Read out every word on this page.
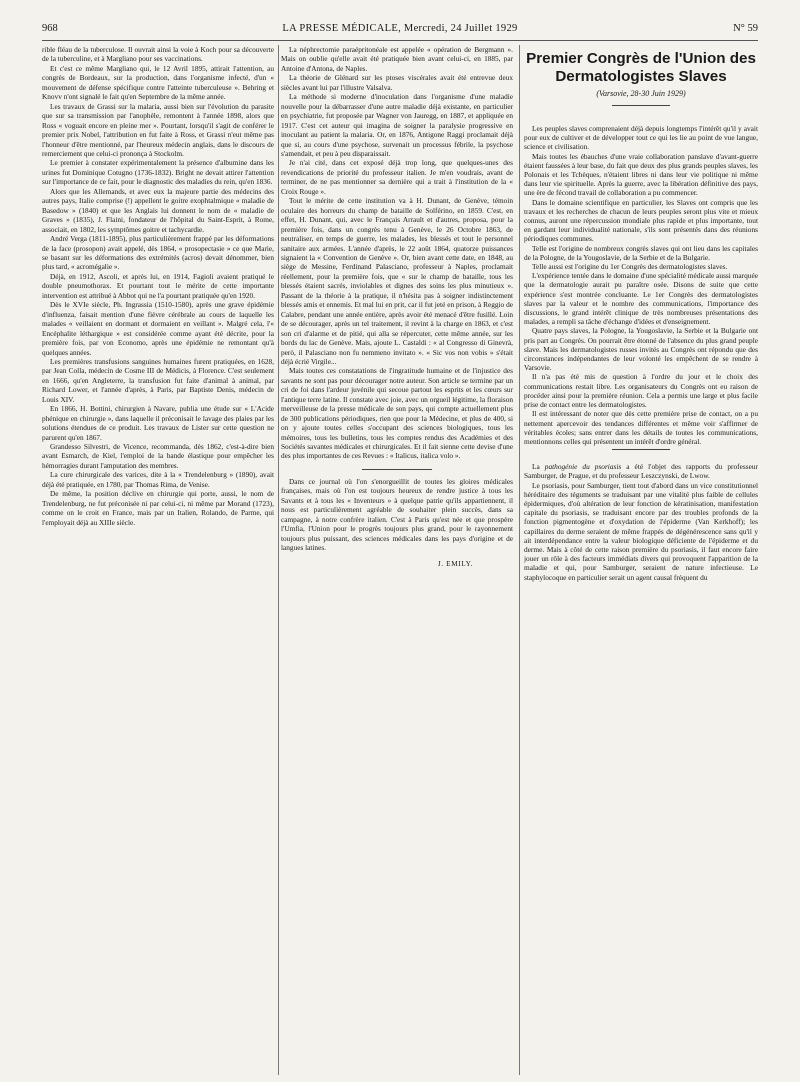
968	LA PRESSE MÉDICALE, Mercredi, 24 Juillet 1929	N° 59

rible fléau de la tuberculose. Il ouvrait ainsi la voie à Koch pour sa découverte de la tuberculine, et à Margliano pour ses vaccinations.

Et c'est ce même Margliano qui, le 12 Avril 1895, attirait l'attention, au congrès de Bordeaux, sur la production, dans l'organisme infecté, d'un « mouvement de défense spécifique contre l'atteinte tuberculeuse ». Behring et Knovv n'ont signalé le fait qu'en Septembre de la même année.

Les travaux de Grassi sur la malaria, aussi bien sur l'évolution du parasite que sur sa transmission par l'anophèle, remontent à l'année 1898, alors que Ross « voguait encore en pleine mer ». Pourtant, lorsqu'il s'agit de conférer le premier prix Nobel, l'attribution en fut faite à Ross, et Grassi n'eut même pas l'honneur d'être mentionné, par l'heureux médecin anglais, dans le discours de remerciement que celui-ci prononça à Stockolm.

Le premier à constater expérimentalement la présence d'albumine dans les urines fut Dominique Cotugno (1736-1832). Bright ne devait attirer l'attention sur l'importance de ce fait, pour le diagnostic des maladies du rein, qu'en 1836.

Alors que les Allemands, et avec eux la majeure partie des médecins des autres pays, Italie comprise (!) appellent le goitre exophtalmique « maladie de Basedow » (1840) et que les Anglais lui donnent le nom de « maladie de Graves » (1835), J. Flaini, fondateur de l'hôpital du Saint-Esprit, à Rome, associait, en 1802, les symptômes goitre et tachycardie.

André Verga (1811-1895), plus particulièrement frappé par les déformations de la face (prosopon) avait appelé, dès 1864, « prosopectasie » ce que Marie, se basant sur les déformations des extrémités (acros) devait dénommer, bien plus tard, « acromégalie ».

Déjà, en 1912, Ascoli, et après lui, en 1914, Fagioli avaient pratiqué le double pneumothorax. Et pourtant tout le mérite de cette importante intervention est attribué à Abbot qui ne l'a pourtant pratiquée qu'en 1920.

Dès le XVIe siècle, Ph. Ingrassia (1510-1580), après une grave épidémie d'influenza, faisait mention d'une fièvre cérébrale au cours de laquelle les malades « veillaient en dormant et dormaient en veillant ». Malgré cela, l'« Encéphalite léthargique » est considérée comme ayant été décrite, pour la première fois, par von Economo, après une épidémie ne remontant qu'à quelques années.

Les premières transfusions sanguines humaines furent pratiquées, en 1628, par Jean Colla, médecin de Cosme III de Médicis, à Florence. C'est seulement en 1666, qu'en Angleterre, la transfusion fut faite d'animal à animal, par Richard Lower, et l'année d'après, à Paris, par Baptiste Denis, médecin de Louis XIV.

En 1866, H. Bottini, chirurgien à Navare, publia une étude sur « L'Acide phénique en chirurgie », dans laquelle il préconisait le lavage des plaies par les solutions étendues de ce produit. Les travaux de Lister sur cette question ne parurent qu'en 1867.

Grandesso Silvestri, de Vicence, recommanda, dès 1862, c'est-à-dire bien avant Esmarch, de Kiel, l'emploi de la bande élastique pour empêcher les hémorragies durant l'amputation des membres.

La cure chirurgicale des varices, dite à la « Trendelenburg » (1890), avait déjà été pratiquée, en 1780, par Thomas Rima, de Venise.

De même, la position déclive en chirurgie qui porte, aussi, le nom de Trendelenburg, ne fut préconisée ni par celui-ci, ni même par Morand (1723), comme on le croit en France, mais par un Italien, Rolando, de Parme, qui l'employait déjà au XIIIe siècle.

La néphrectomie paraépritonéale est appelée « opération de Bergmann ». Mais on oublie qu'elle avait été pratiquée bien avant celui-ci, en 1885, par Antoine d'Antona, de Naples.

La théorie de Glénard sur les ptoses viscérales avait été entrevue deux siècles avant lui par l'illustre Valsalva.

La méthode si moderne d'inoculation dans l'organisme d'une maladie nouvelle pour la débarrasser d'une autre maladie déjà existante, en particulier en psychiatrie, fut proposée par Wagner von Jauregg, en 1887, et appliquée en 1917. C'est cet auteur qui imagina de soigner la paralysie progressive en inoculant au patient la malaria. Or, en 1876, Antigone Raggi proclamait déjà que si, au cours d'une psychose, survenait un processus fébrile, la psychose s'amendait, et peu à peu disparaissait.

Je n'ai cité, dans cet exposé déjà trop long, que quelques-unes des revendications de priorité du professeur italien. Je m'en voudrais, avant de terminer, de ne pas mentionner sa dernière qui a trait à l'institution de la « Croix Rouge ».

Tout le mérite de cette institution va à H. Dunant, de Genève, témoin oculaire des horreurs du champ de bataille de Solférino, en 1859. C'est, en effet, H. Dunant, qui, avec le Français Arrault et d'autres, proposa, pour la première fois, dans un congrès tenu à Genève, le 26 Octobre 1863, de neutraliser, en temps de guerre, les malades, les blessés et tout le personnel sanitaire aux armées. L'année d'après, le 22 août 1864, quatorze puissances signaient la « Convention de Genève ». Or, bien avant cette date, en 1848, au siège de Messine, Ferdinand Palasciano, professeur à Naples, proclamait réellement, pour la première fois, que « sur le champ de bataille, tous les blessés étaient sacrés, inviolables et dignes des soins les plus minutieux ». Passant de la théorie à la pratique, il n'hésita pas à soigner indistinctement blessés amis et ennemis. Et mal lui en prit, car il fut jeté en prison, à Reggio de Calabre, pendant une année entière, après avoir été menacé d'être fusillé. Loin de se décourager, après un tel traitement, il revint à la charge en 1863, et c'est son cri d'alarme et de pitié, qui alla se répercuter, cette même année, sur les bords du lac de Genève. Mais, ajoute L. Castaldi : « al Congresso di Ginevrà, però, il Palasciano non fu nemmeno invitato ». « Sic vos non vobis » s'était déjà écrié Virgile...

Mais toutes ces constatations de l'ingratitude humaine et de l'injustice des savants ne sont pas pour décourager notre auteur. Son article se termine par un cri de foi dans l'ardeur juvénile qui secoue partout les esprits et les cœurs sur l'antique terre latine. Il constate avec joie, avec un orgueil légitime, la floraison merveilleuse de la presse médicale de son pays, qui compte actuellement plus de 300 publications périodiques, rien que pour la Médecine, et plus de 400, si on y ajoute toutes celles s'occupant des sciences biologiques, tous les mémoires, tous les bulletins, tous les comptes rendus des Académies et des Sociétés savantes médicales et chirurgicales. Et il fait sienne cette devise d'une des plus importantes de ces Revues : « Italicus, italica volo ».

Dans ce journal où l'on s'enorgueillit de toutes les gloires médicales françaises, mais où l'on est toujours heureux de rendre justice à tous les Savants et à tous les « Inventeurs » à quelque patrie qu'ils appartiennent, il nous est particulièrement agréable de souhaiter plein succès, dans sa campagne, à notre confrère italien. C'est à Paris qu'est née et que prospère l'Umfia, l'Union pour le progrès toujours plus grand, pour le rayonnement toujours plus puissant, des sciences médicales dans les pays d'origine et de langues latines.

J. EMILY.

Premier Congrès de l'Union des Dermatologistes Slaves
(Varsovie, 28-30 Juin 1929)

Les peuples slaves comprenaient déjà depuis longtemps l'intérêt qu'il y avait pour eux de cultiver et de développer tout ce qui les lie au point de vue langue, science et civilisation.

Mais toutes les ébauches d'une vraie collaboration panslave d'avant-guerre étaient faussées à leur base, du fait que deux des plus grands peuples slaves, les Polonais et les Tchèques, n'étaient libres ni dans leur vie politique ni même dans leur vie spirituelle. Après la guerre, avec la libération définitive des pays, une ère de fécond travail de collaboration a pu commencer.

Dans le domaine scientifique en particulier, les Slaves ont compris que les travaux et les recherches de chacun de leurs peuples seront plus vite et mieux connus, auront une répercussion mondiale plus rapide et plus importante, tout en gardant leur individualité nationale, s'ils sont présentés dans des réunions périodiques communes.

Telle est l'origine de nombreux congrès slaves qui ont lieu dans les capitales de la Pologne, de la Yougoslavie, de la Serbie et de la Bulgarie.

Telle aussi est l'origine du 1er Congrès des dermatologistes slaves.

L'expérience tentée dans le domaine d'une spécialité médicale aussi marquée que la dermatologie aurait pu paraître osée. Disons de suite que cette expérience s'est montrée concluante. Le 1er Congrès des dermatologistes slaves par la valeur et le nombre des communications, l'importance des discussions, le grand intérêt clinique de très nombreuses présentations des malades, a rempli sa tâche d'échange d'idées et d'enseignement.

Quatre pays slaves, la Pologne, la Yougoslavie, la Serbie et la Bulgarie ont pris part au Congrès. On pourrait être étonné de l'absence du plus grand peuple slave. Mais les dermatologistes russes invités au Congrès ont répondu que des circonstances indépendantes de leur volonté les empêchent de se rendre à Varsovie.

Il n'a pas été mis de question à l'ordre du jour et le choix des communications restait libre. Les organisateurs du Congrès ont eu raison de procéder ainsi pour la première réunion. Cela a permis une large et plus facile prise de contact entre les dermatologistes.

Il est intéressant de noter que dès cette première prise de contact, on a pu nettement apercevoir des tendances différentes et même voir s'affirmer de véritables écoles; sans entrer dans les détails de toutes les communications, mentionnons celles qui présentent un intérêt d'ordre général.

La pathogénie du psoriasis a été l'objet des rapports du professeur Samburger, de Prague, et du professeur Leszczynski, de Lwow.

Le psoriasis, pour Samburger, tient tout d'abord dans un vice constitutionnel héréditaire des téguments se traduisant par une vitalité plus faible de cellules épidermiques, d'où altération de leur fonction de kératinisation, manifestation capitale du psoriasis, se traduisant encore par des troubles profonds de la fonction pigmentogène et d'oxydation de l'épiderme (Van Kerkhoff); les capillaires du derme seraient de même frappés de dégénérescence sans qu'il y ait interdépendance entre la valeur biologique déficiente de l'épiderme et du derme. Mais à côté de cette raison première du psoriasis, il faut encore faire jouer un rôle à des facteurs immédiats divers qui provoquent l'apparition de la maladie et qui, pour Samburger, seraient de nature infectieuse. Le staphylocoque en particulier serait un agent causal fréquent du
